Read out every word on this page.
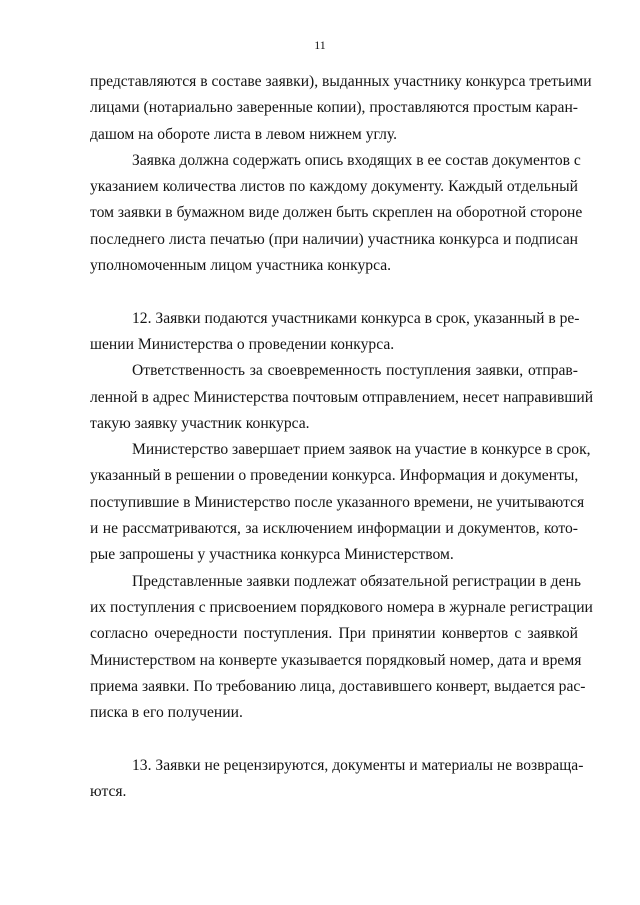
11
представляются в составе заявки), выданных участнику конкурса третьими
лицами (нотариально заверенные копии), проставляются простым каран-
дашом на обороте листа в левом нижнем углу.
Заявка должна содержать опись входящих в ее состав документов с
указанием количества листов по каждому документу. Каждый отдельный
том заявки в бумажном виде должен быть скреплен на оборотной стороне
последнего листа печатью (при наличии) участника конкурса и подписан
уполномоченным лицом участника конкурса.
12. Заявки подаются участниками конкурса в срок, указанный в ре-
шении Министерства о проведении конкурса.
Ответственность за своевременность поступления заявки, отправ-
ленной в адрес Министерства почтовым отправлением, несет направивший
такую заявку участник конкурса.
Министерство завершает прием заявок на участие в конкурсе в срок,
указанный в решении о проведении конкурса. Информация и документы,
поступившие в Министерство после указанного времени, не учитываются
и не рассматриваются, за исключением информации и документов, кото-
рые запрошены у участника конкурса Министерством.
Представленные заявки подлежат обязательной регистрации в день
их поступления с присвоением порядкового номера в журнале регистрации
согласно очередности поступления. При принятии конвертов с заявкой
Министерством на конверте указывается порядковый номер, дата и время
приема заявки. По требованию лица, доставившего конверт, выдается рас-
писка в его получении.
13. Заявки не рецензируются, документы и материалы не возвраща-
ются.
